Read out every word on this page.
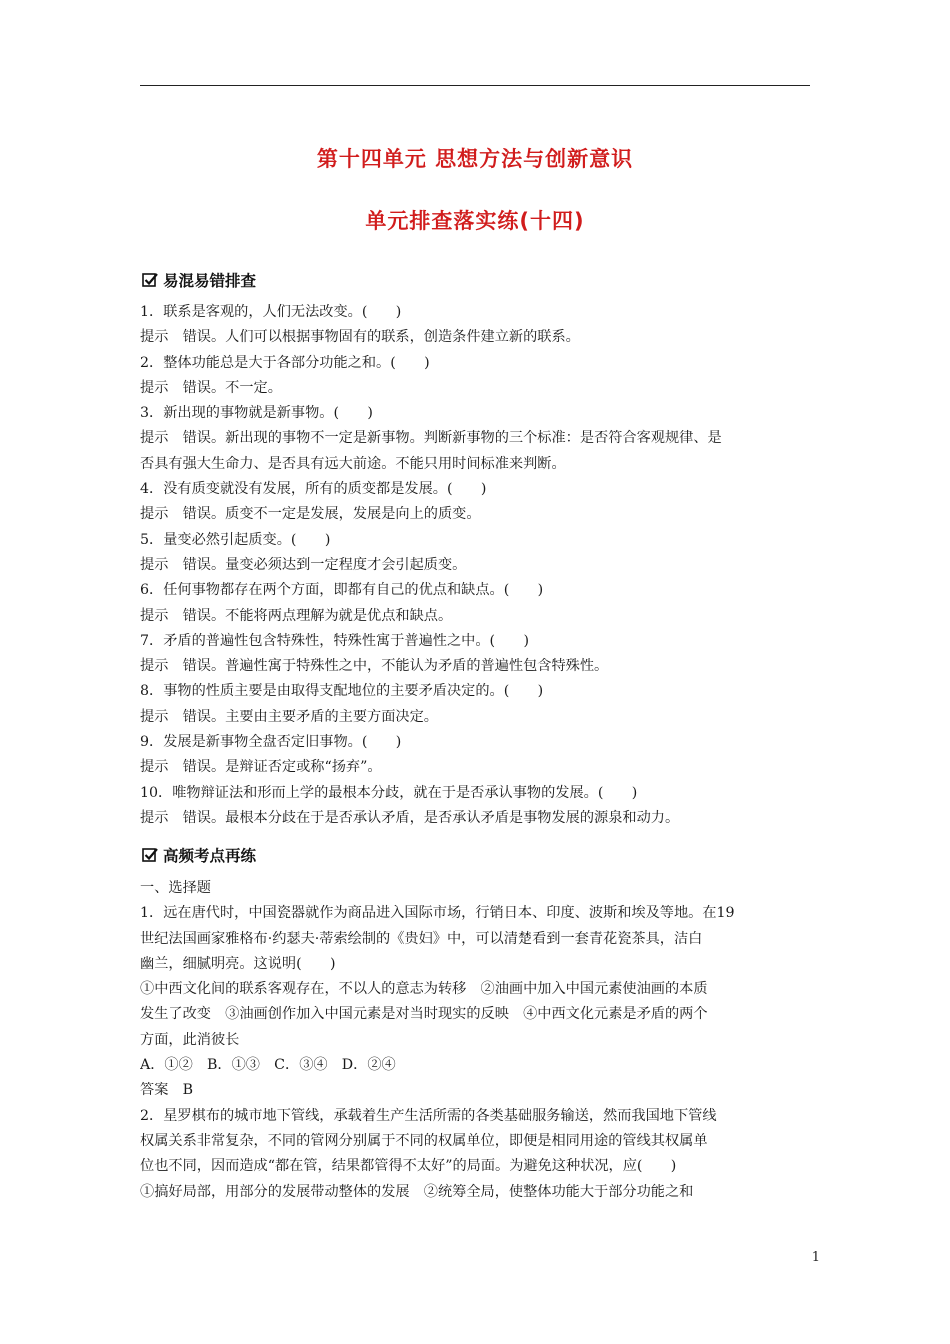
第十四单元 思想方法与创新意识
单元排查落实练(十四)
易混易错排查

1．联系是客观的，人们无法改变。(　　)

提示　错误。人们可以根据事物固有的联系，创造条件建立新的联系。

2．整体功能总是大于各部分功能之和。(　　)

提示　错误。不一定。

3．新出现的事物就是新事物。(　　)

提示　错误。新出现的事物不一定是新事物。判断新事物的三个标准：是否符合客观规律、是

否具有强大生命力、是否具有远大前途。不能只用时间标准来判断。

4．没有质变就没有发展，所有的质变都是发展。(　　)

提示　错误。质变不一定是发展，发展是向上的质变。

5．量变必然引起质变。(　　)

提示　错误。量变必须达到一定程度才会引起质变。

6．任何事物都存在两个方面，即都有自己的优点和缺点。(　　)

提示　错误。不能将两点理解为就是优点和缺点。

7．矛盾的普遍性包含特殊性，特殊性寓于普遍性之中。(　　)

提示　错误。普遍性寓于特殊性之中，不能认为矛盾的普遍性包含特殊性。

8．事物的性质主要是由取得支配地位的主要矛盾决定的。(　　)

提示　错误。主要由主要矛盾的主要方面决定。

9．发展是新事物全盘否定旧事物。(　　)

提示　错误。是辩证否定或称“扬弃”。

10．唯物辩证法和形而上学的最根本分歧，就在于是否承认事物的发展。(　　)

提示　错误。最根本分歧在于是否承认矛盾，是否承认矛盾是事物发展的源泉和动力。

高频考点再练

一、选择题

1．远在唐代时，中国瓷器就作为商品进入国际市场，行销日本、印度、波斯和埃及等地。在19

世纪法国画家雅格布·约瑟夫·蒂索绘制的《贵妇》中，可以清楚看到一套青花瓷茶具，洁白

幽兰，细腻明亮。这说明(　　)

①中西文化间的联系客观存在，不以人的意志为转移　②油画中加入中国元素使油画的本质

发生了改变　③油画创作加入中国元素是对当时现实的反映　④中西文化元素是矛盾的两个

方面，此消彼长

A．①②　B．①③　C．③④　D．②④

答案　B

2．星罗棋布的城市地下管线，承载着生产生活所需的各类基础服务输送，然而我国地下管线

权属关系非常复杂，不同的管网分别属于不同的权属单位，即便是相同用途的管线其权属单

位也不同，因而造成“都在管，结果都管得不太好”的局面。为避免这种状况，应(　　)

①搞好局部，用部分的发展带动整体的发展　②统筹全局，使整体功能大于部分功能之和

1
